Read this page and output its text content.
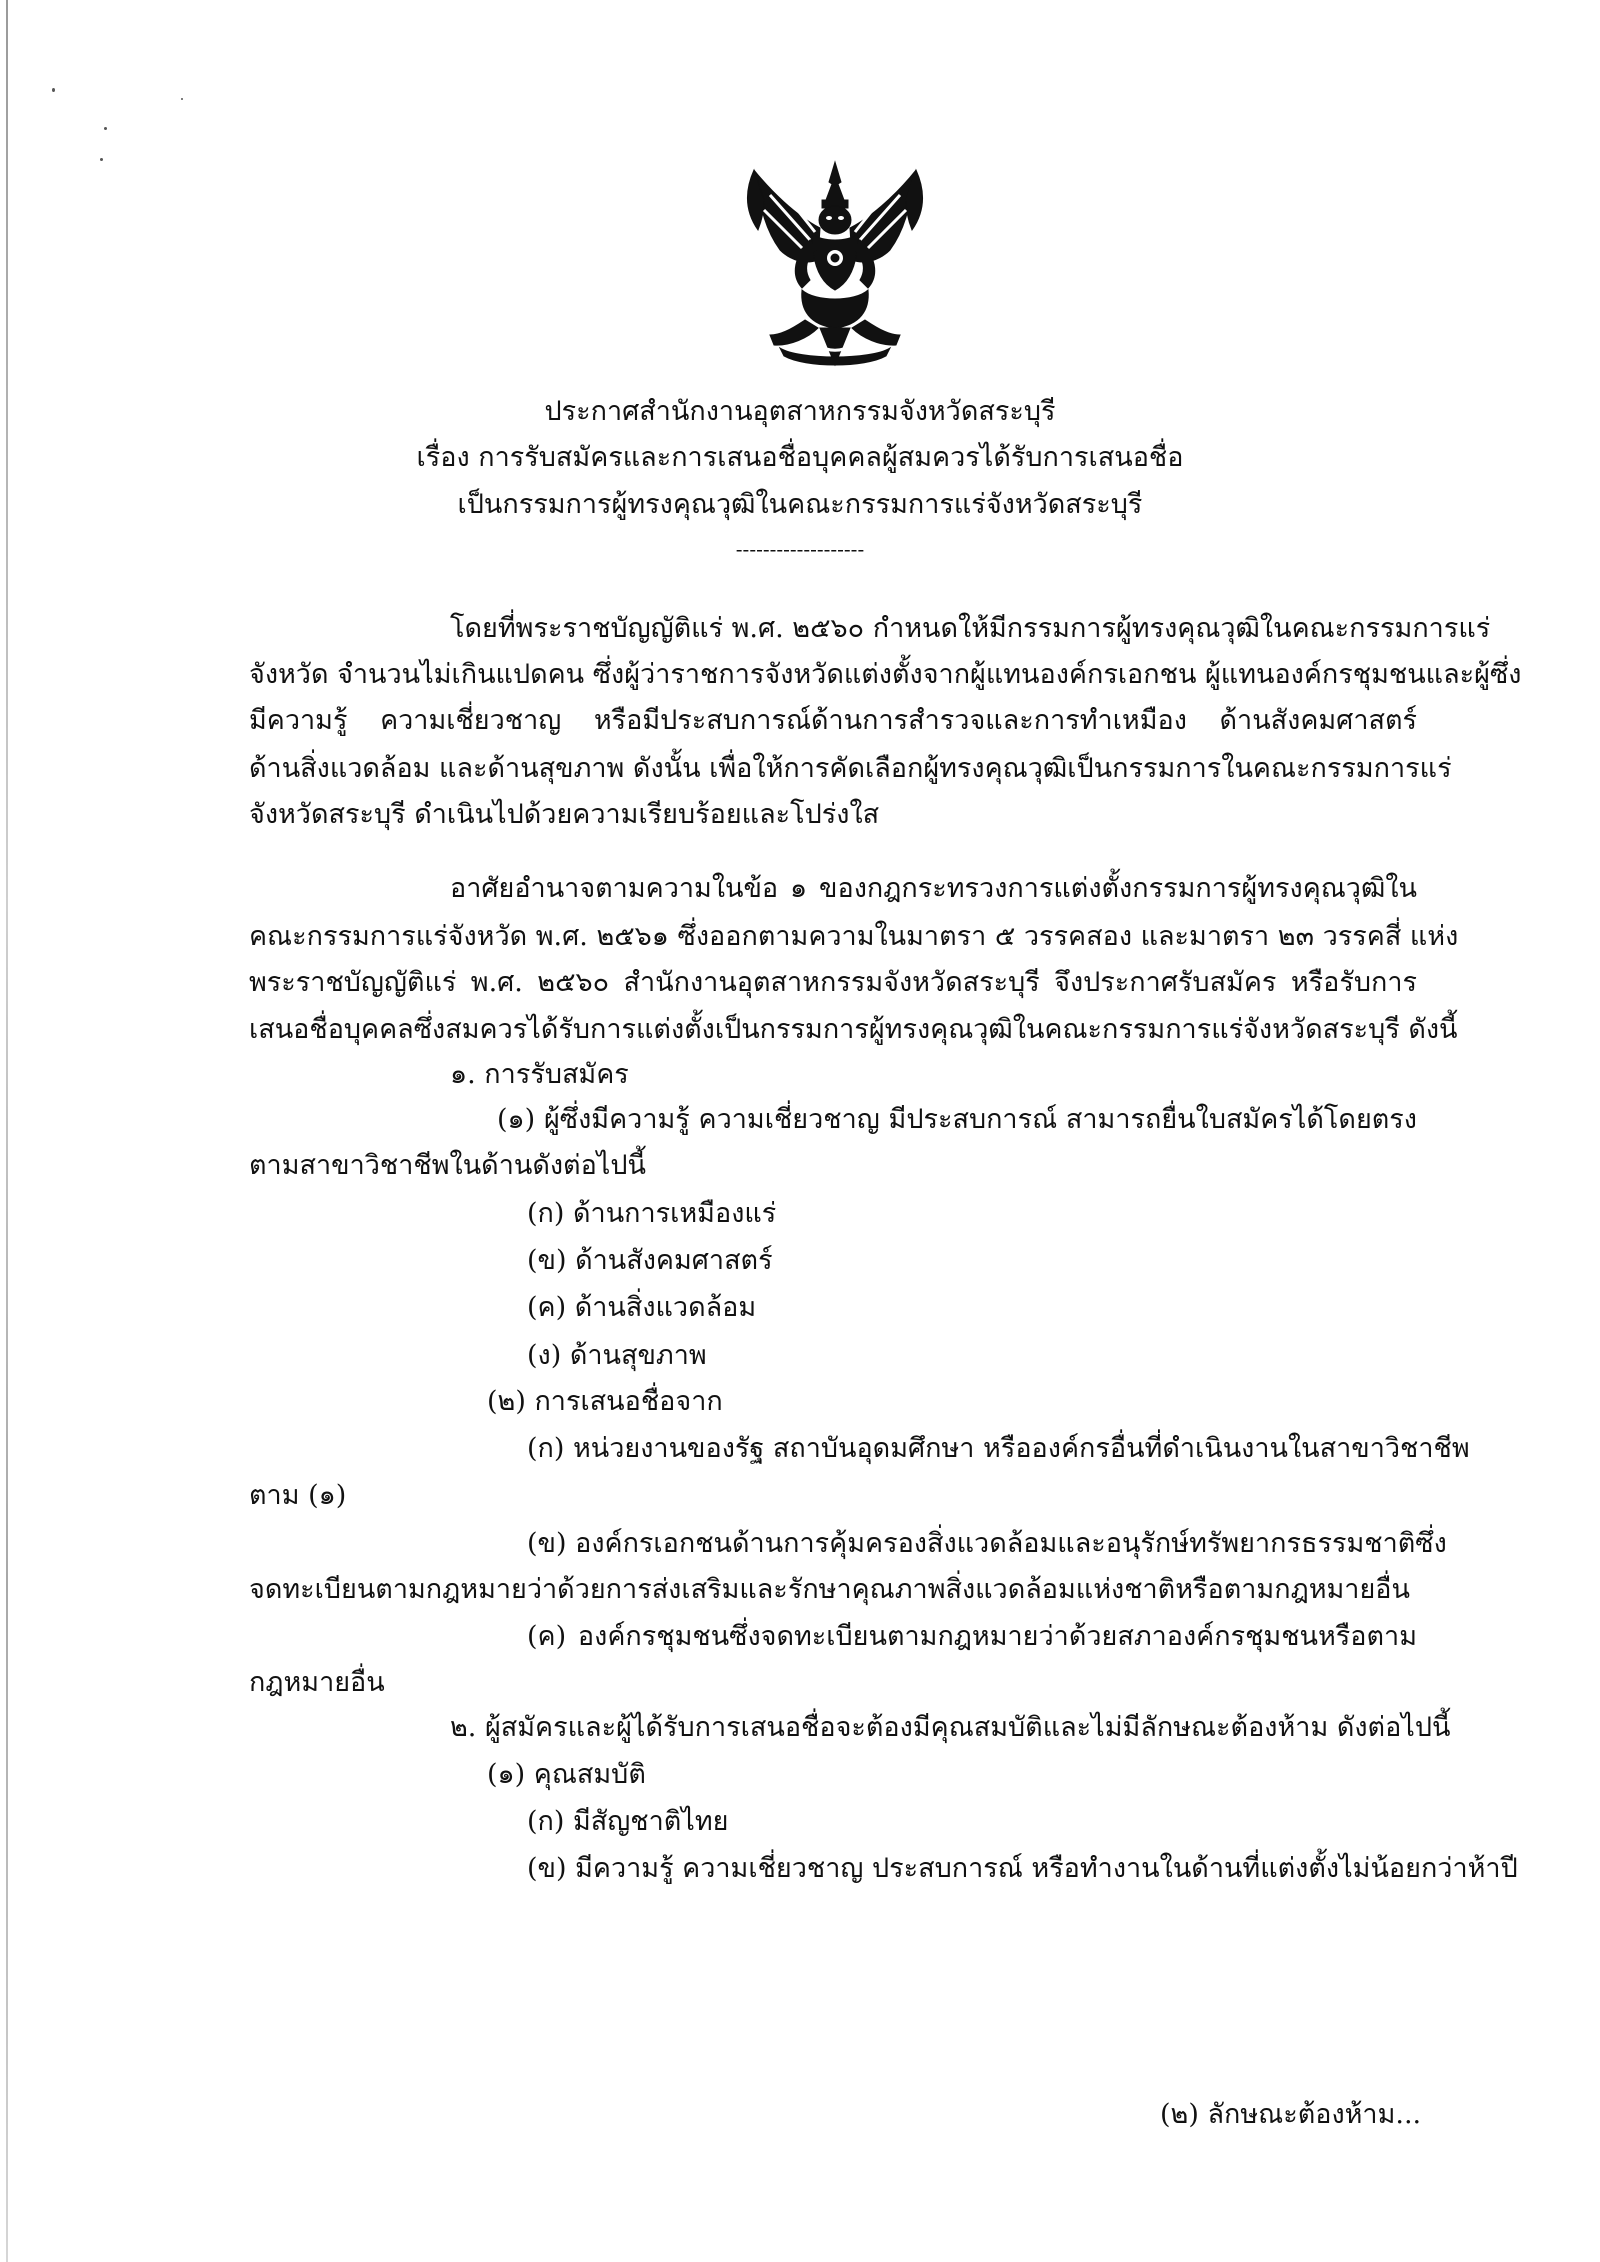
ประกาศสำนักงานอุตสาหกรรมจังหวัดสระบุรี
เรื่อง การรับสมัครและการเสนอชื่อบุคคลผู้สมควรได้รับการเสนอชื่อ
เป็นกรรมการผู้ทรงคุณวุฒิในคณะกรรมการแร่จังหวัดสระบุรี
-------------------
โดยที่พระราชบัญญัติแร่ พ.ศ. ๒๕๖๐ กำหนดให้มีกรรมการผู้ทรงคุณวุฒิในคณะกรรมการแร่
จังหวัด จำนวนไม่เกินแปดคน ซึ่งผู้ว่าราชการจังหวัดแต่งตั้งจากผู้แทนองค์กรเอกชน ผู้แทนองค์กรชุมชนและผู้ซึ่ง
มีความรู้ ความเชี่ยวชาญ หรือมีประสบการณ์ด้านการสำรวจและการทำเหมือง ด้านสังคมศาสตร์
ด้านสิ่งแวดล้อม และด้านสุขภาพ ดังนั้น เพื่อให้การคัดเลือกผู้ทรงคุณวุฒิเป็นกรรมการในคณะกรรมการแร่
จังหวัดสระบุรี ดำเนินไปด้วยความเรียบร้อยและโปร่งใส
อาศัยอำนาจตามความในข้อ ๑ ของกฎกระทรวงการแต่งตั้งกรรมการผู้ทรงคุณวุฒิใน
คณะกรรมการแร่จังหวัด พ.ศ. ๒๕๖๑ ซึ่งออกตามความในมาตรา ๕ วรรคสอง และมาตรา ๒๓ วรรคสี่ แห่ง
พระราชบัญญัติแร่ พ.ศ. ๒๕๖๐ สำนักงานอุตสาหกรรมจังหวัดสระบุรี จึงประกาศรับสมัคร หรือรับการ
เสนอชื่อบุคคลซึ่งสมควรได้รับการแต่งตั้งเป็นกรรมการผู้ทรงคุณวุฒิในคณะกรรมการแร่จังหวัดสระบุรี ดังนี้
๑. การรับสมัคร
(๑) ผู้ซึ่งมีความรู้ ความเชี่ยวชาญ มีประสบการณ์ สามารถยื่นใบสมัครได้โดยตรง
ตามสาขาวิชาชีพในด้านดังต่อไปนี้
(ก) ด้านการเหมืองแร่
(ข) ด้านสังคมศาสตร์
(ค) ด้านสิ่งแวดล้อม
(ง) ด้านสุขภาพ
(๒) การเสนอชื่อจาก
(ก) หน่วยงานของรัฐ สถาบันอุดมศึกษา หรือองค์กรอื่นที่ดำเนินงานในสาขาวิชาชีพ
ตาม (๑)
(ข) องค์กรเอกชนด้านการคุ้มครองสิ่งแวดล้อมและอนุรักษ์ทรัพยากรธรรมชาติซึ่ง
จดทะเบียนตามกฎหมายว่าด้วยการส่งเสริมและรักษาคุณภาพสิ่งแวดล้อมแห่งชาติหรือตามกฎหมายอื่น
(ค) องค์กรชุมชนซึ่งจดทะเบียนตามกฎหมายว่าด้วยสภาองค์กรชุมชนหรือตาม
กฎหมายอื่น
๒. ผู้สมัครและผู้ได้รับการเสนอชื่อจะต้องมีคุณสมบัติและไม่มีลักษณะต้องห้าม ดังต่อไปนี้
(๑) คุณสมบัติ
(ก) มีสัญชาติไทย
(ข) มีความรู้ ความเชี่ยวชาญ ประสบการณ์ หรือทำงานในด้านที่แต่งตั้งไม่น้อยกว่าห้าปี
(๒) ลักษณะต้องห้าม...
